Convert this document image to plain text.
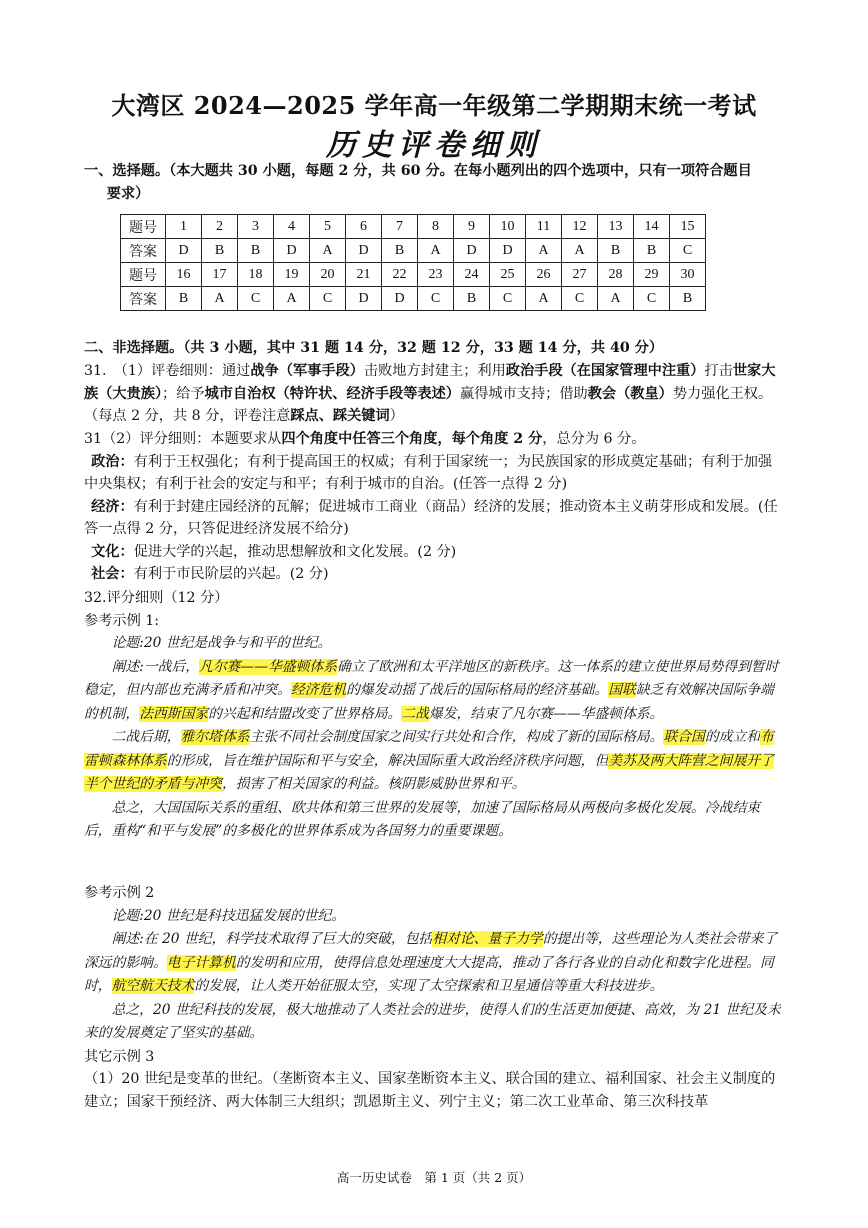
大湾区 2024—2025 学年高一年级第二学期期末统一考试
历史评卷细则

一、选择题。（本大题共 30 小题，每题 2 分，共 60 分。在每小题列出的四个选项中，只有一项符合题目

要求）

题号	1	2	3	4	5	6	7	8	9	10	11	12	13	14	15
答案	D	B	B	D	A	D	B	A	D	D	A	A	B	B	C
题号	16	17	18	19	20	21	22	23	24	25	26	27	28	29	30
答案	B	A	C	A	C	D	D	C	B	C	A	C	A	C	B

二、非选择题。（共 3 小题，其中 31 题 14 分，32 题 12 分，33 题 14 分，共 40 分）

31.　（1）评卷细则：通过战争（军事手段）击败地方封建主；利用政治手段（在国家管理中注重）打击世家大族（大贵族）；给予城市自治权（特许状、经济手段等表述）赢得城市支持；借助教会（教皇）势力强化王权。（每点 2 分，共 8 分，评卷注意踩点、踩关键词）

31（2）评分细则：本题要求从四个角度中任答三个角度，每个角度 2 分，总分为 6 分。

政治：有利于王权强化；有利于提高国王的权威；有利于国家统一；为民族国家的形成奠定基础；有利于加强中央集权；有利于社会的安定与和平；有利于城市的自治。(任答一点得 2 分)

经济：有利于封建庄园经济的瓦解；促进城市工商业（商品）经济的发展；推动资本主义萌芽形成和发展。(任答一点得 2 分，只答促进经济发展不给分)

文化：促进大学的兴起，推动思想解放和文化发展。(2 分)

社会：有利于市民阶层的兴起。(2 分)

32.评分细则（12 分）

参考示例 1:

论题:20 世纪是战争与和平的世纪。

阐述:一战后，凡尔赛——华盛顿体系确立了欧洲和太平洋地区的新秩序。这一体系的建立使世界局势得到暂时稳定，但内部也充满矛盾和冲突。经济危机的爆发动摇了战后的国际格局的经济基础。国联缺乏有效解决国际争端的机制，法西斯国家的兴起和结盟改变了世界格局。二战爆发，结束了凡尔赛——华盛顿体系。

二战后期，雅尔塔体系主张不同社会制度国家之间实行共处和合作，构成了新的国际格局。联合国的成立和布雷顿森林体系的形成，旨在维护国际和平与安全，解决国际重大政治经济秩序问题，但美苏及两大阵营之间展开了半个世纪的矛盾与冲突，损害了相关国家的利益。核阴影威胁世界和平。

总之，大国国际关系的重组、欧共体和第三世界的发展等，加速了国际格局从两极向多极化发展。冷战结束后，重构“和平与发展”的多极化的世界体系成为各国努力的重要课题。

参考示例 2

论题:20 世纪是科技迅猛发展的世纪。

阐述:在 20 世纪，科学技术取得了巨大的突破，包括相对论、量子力学的提出等，这些理论为人类社会带来了深远的影响。电子计算机的发明和应用，使得信息处理速度大大提高，推动了各行各业的自动化和数字化进程。同时，航空航天技术的发展，让人类开始征服太空，实现了太空探索和卫星通信等重大科技进步。

总之，20 世纪科技的发展，极大地推动了人类社会的进步，使得人们的生活更加便捷、高效，为 21 世纪及未来的发展奠定了坚实的基础。

其它示例 3

（1）20 世纪是变革的世纪。（垄断资本主义、国家垄断资本主义、联合国的建立、福利国家、社会主义制度的建立；国家干预经济、两大体制三大组织；凯恩斯主义、列宁主义；第二次工业革命、第三次科技革

高一历史试卷　第 1 页（共 2 页）
